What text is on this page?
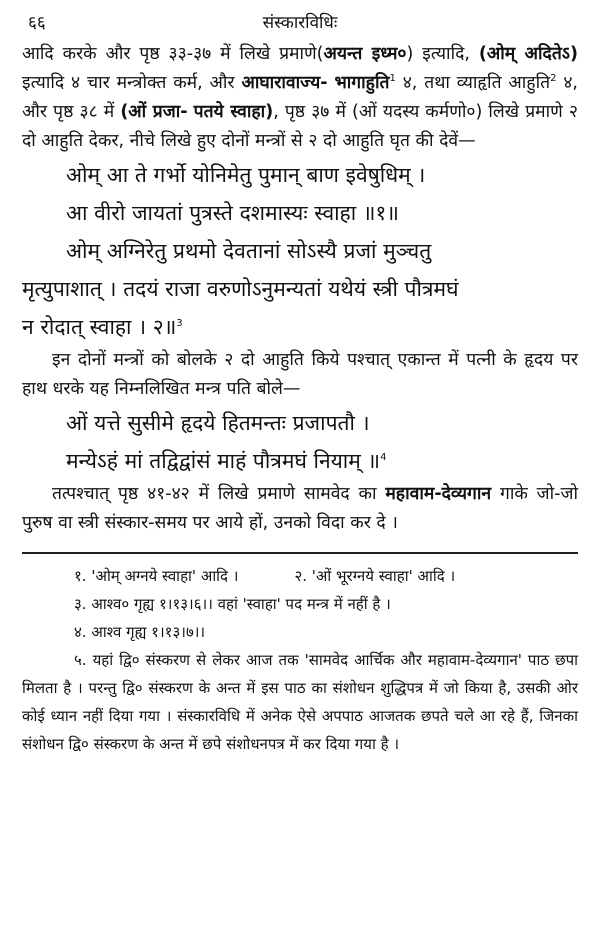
६६	संस्कारविधिः

आदि करके और पृष्ठ ३३-३७ में लिखे प्रमाणे(अयन्त इध्म०) इत्यादि, (ओम् अदितेऽ) इत्यादि ४ चार मन्त्रोक्त कर्म, और आघारावाज्य- भागाहुति$^1$ ४, तथा व्याहृति आहुति$^2$ ४, और पृष्ठ ३८ में (ओं प्रजा- पतये स्वाहा), पृष्ठ ३७ में (ओं यदस्य कर्मणो०) लिखे प्रमाणे २ दो आहुति देकर, नीचे लिखे हुए दोनों मन्त्रों से २ दो आहुति घृत की देवें—

ओम् आ ते गर्भो योनिमेतु पुमान् बाण इवेषुधिम् ।

आ वीरो जायतां पुत्रस्ते दशमास्यः स्वाहा ॥१॥

ओम् अग्निरेतु प्रथमो देवतानां सोऽस्यै प्रजां मुञ्चतु

मृत्युपाशात् । तदयं राजा वरुणोऽनुमन्यतां यथेयं स्त्री पौत्रमघं

न रोदात् स्वाहा । २॥$^3$

इन दोनों मन्त्रों को बोलके २ दो आहुति किये पश्चात् एकान्त में पत्नी के हृदय पर हाथ धरके यह निम्नलिखित मन्त्र पति बोले—

ओं यत्ते सुसीमे हृदये हितमन्तः प्रजापतौ ।

मन्येऽहं मां तद्विद्वांसं माहं पौत्रमघं नियाम् ॥$^4$

तत्पश्चात् पृष्ठ ४१-४२ में लिखे प्रमाणे सामवेद का महावाम-देव्यगान गाके जो-जो पुरुष वा स्त्री संस्कार-समय पर आये हों, उनको विदा कर दे ।

१. 'ओम् अग्नये स्वाहा' आदि ।	२. 'ओं भूरग्नये स्वाहा' आदि ।

३. आश्व० गृह्य १।१३।६।। वहां 'स्वाहा' पद मन्त्र में नहीं है ।

४. आश्व गृह्य १।१३।७।।

५. यहां द्वि० संस्करण से लेकर आज तक 'सामवेद आर्चिक और महावाम-देव्यगान' पाठ छपा मिलता है । परन्तु द्वि० संस्करण के अन्त में इस पाठ का संशोधन शुद्धिपत्र में जो किया है, उसकी ओर कोई ध्यान नहीं दिया गया । संस्कारविधि में अनेक ऐसे अपपाठ आजतक छपते चले आ रहे हैं, जिनका संशोधन द्वि० संस्करण के अन्त में छपे संशोधनपत्र में कर दिया गया है ।
